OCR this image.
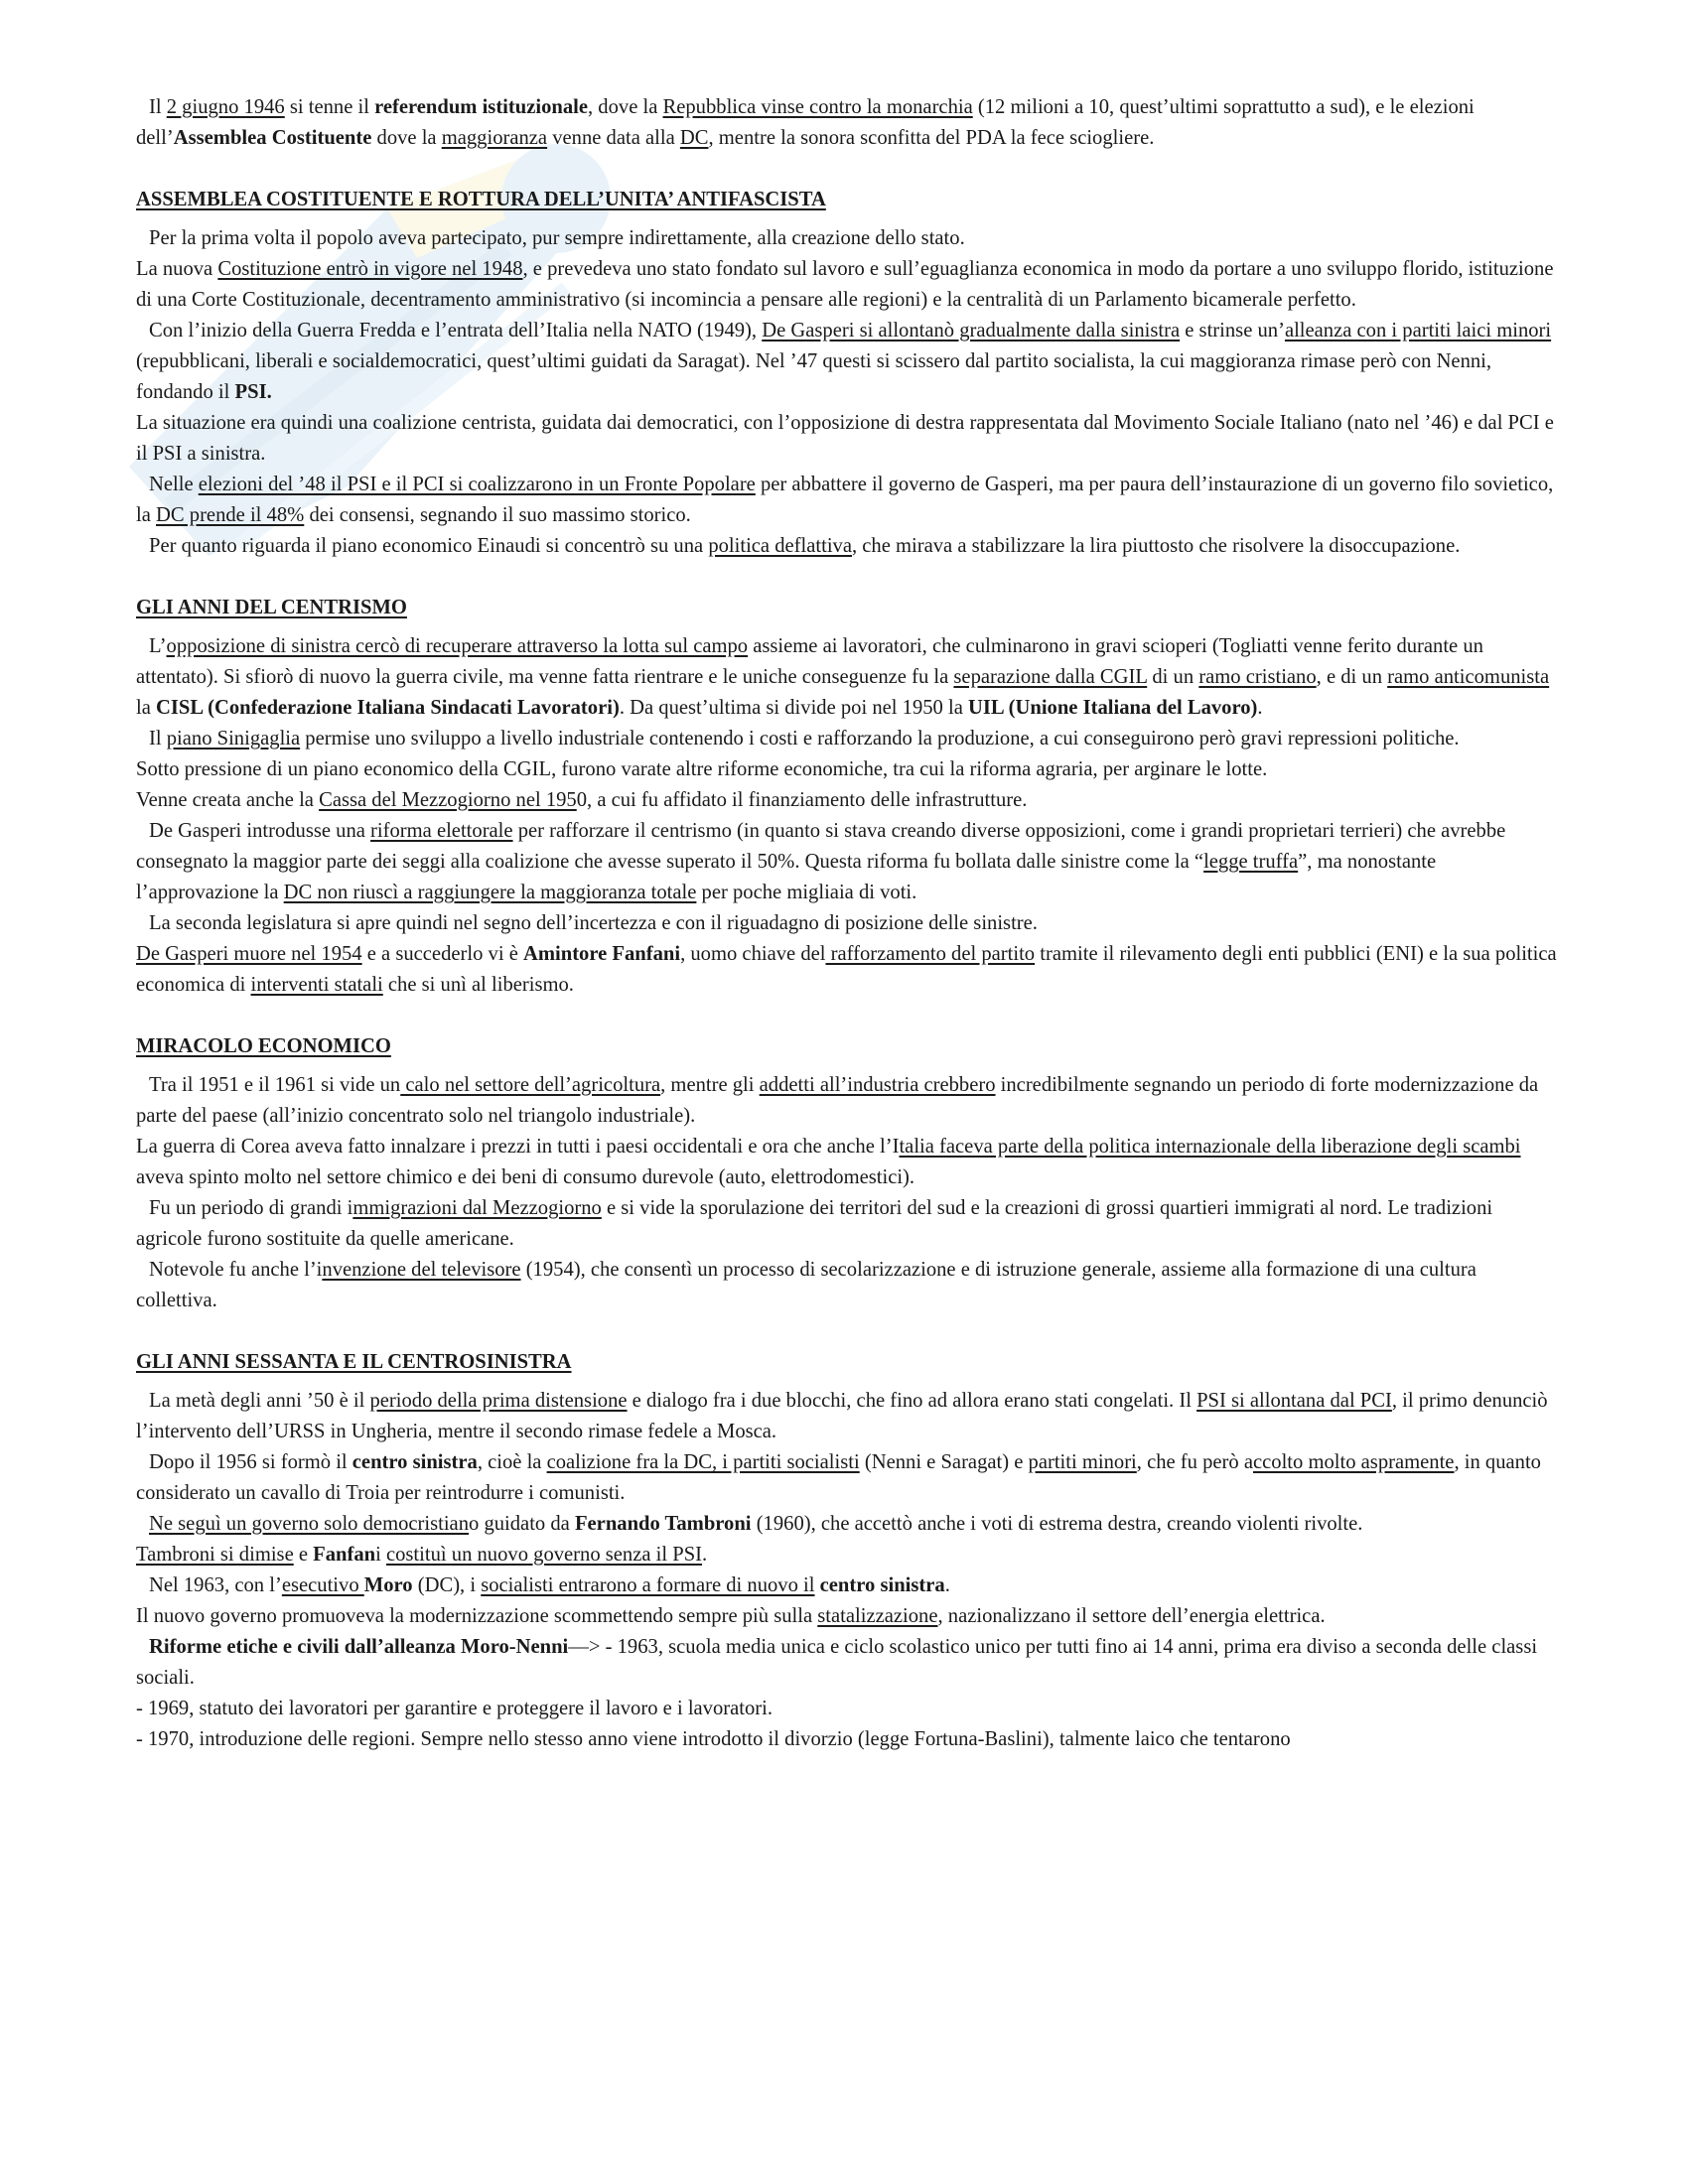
Il 2 giugno 1946 si tenne il referendum istituzionale, dove la Repubblica vinse contro la monarchia (12 milioni a 10, quest’ultimi soprattutto a sud), e le elezioni dell’Assemblea Costituente dove la maggioranza venne data alla DC, mentre la sonora sconfitta del PDA la fece sciogliere.

ASSEMBLEA COSTITUENTE E ROTTURA DELL’UNITA’ ANTIFASCISTA

Per la prima volta il popolo aveva partecipato, pur sempre indirettamente, alla creazione dello stato.

La nuova Costituzione entrò in vigore nel 1948, e prevedeva uno stato fondato sul lavoro e sull’eguaglianza economica in modo da portare a uno sviluppo florido, istituzione di una Corte Costituzionale, decentramento amministrativo (si incomincia a pensare alle regioni) e la centralità di un Parlamento bicamerale perfetto.

Con l’inizio della Guerra Fredda e l’entrata dell’Italia nella NATO (1949), De Gasperi si allontanò gradualmente dalla sinistra e strinse un’alleanza con i partiti laici minori (repubblicani, liberali e socialdemocratici, quest’ultimi guidati da Saragat). Nel ’47 questi si scissero dal partito socialista, la cui maggioranza rimase però con Nenni, fondando il PSI.

La situazione era quindi una coalizione centrista, guidata dai democratici, con l’opposizione di destra rappresentata dal Movimento Sociale Italiano (nato nel ’46) e dal PCI e il PSI a sinistra.

Nelle elezioni del ’48 il PSI e il PCI si coalizzarono in un Fronte Popolare per abbattere il governo de Gasperi, ma per paura dell’instaurazione di un governo filo sovietico, la DC prende il 48% dei consensi, segnando il suo massimo storico.

Per quanto riguarda il piano economico Einaudi si concentrò su una politica deflattiva, che mirava a stabilizzare la lira piuttosto che risolvere la disoccupazione.

GLI ANNI DEL CENTRISMO

L’opposizione di sinistra cercò di recuperare attraverso la lotta sul campo assieme ai lavoratori, che culminarono in gravi scioperi (Togliatti venne ferito durante un attentato). Si sfiorò di nuovo la guerra civile, ma venne fatta rientrare e le uniche conseguenze fu la separazione dalla CGIL di un ramo cristiano, e di un ramo anticomunista la CISL (Confederazione Italiana Sindacati Lavoratori). Da quest’ultima si divide poi nel 1950 la UIL (Unione Italiana del Lavoro).

Il piano Sinigaglia permise uno sviluppo a livello industriale contenendo i costi e rafforzando la produzione, a cui conseguirono però gravi repressioni politiche.

Sotto pressione di un piano economico della CGIL, furono varate altre riforme economiche, tra cui la riforma agraria, per arginare le lotte.

Venne creata anche la Cassa del Mezzogiorno nel 1950, a cui fu affidato il finanziamento delle infrastrutture.

De Gasperi introdusse una riforma elettorale per rafforzare il centrismo (in quanto si stava creando diverse opposizioni, come i grandi proprietari terrieri) che avrebbe consegnato la maggior parte dei seggi alla coalizione che avesse superato il 50%. Questa riforma fu bollata dalle sinistre come la “legge truffa”, ma nonostante l’approvazione la DC non riuscì a raggiungere la maggioranza totale per poche migliaia di voti.

La seconda legislatura si apre quindi nel segno dell’incertezza e con il riguadagno di posizione delle sinistre.

De Gasperi muore nel 1954 e a succederlo vi è Amintore Fanfani, uomo chiave del rafforzamento del partito tramite il rilevamento degli enti pubblici (ENI) e la sua politica economica di interventi statali che si unì al liberismo.

MIRACOLO ECONOMICO

Tra il 1951 e il 1961 si vide un calo nel settore dell’agricoltura, mentre gli addetti all’industria crebbero incredibilmente segnando un periodo di forte modernizzazione da parte del paese (all’inizio concentrato solo nel triangolo industriale).

La guerra di Corea aveva fatto innalzare i prezzi in tutti i paesi occidentali e ora che anche l’Italia faceva parte della politica internazionale della liberazione degli scambi aveva spinto molto nel settore chimico e dei beni di consumo durevole (auto, elettrodomestici).

Fu un periodo di grandi immigrazioni dal Mezzogiorno e si vide la sporulazione dei territori del sud e la creazioni di grossi quartieri immigrati al nord. Le tradizioni agricole furono sostituite da quelle americane.

Notevole fu anche l’invenzione del televisore (1954), che consentì un processo di secolarizzazione e di istruzione generale, assieme alla formazione di una cultura collettiva.

GLI ANNI SESSANTA E IL CENTROSINISTRA

La metà degli anni ’50 è il periodo della prima distensione e dialogo fra i due blocchi, che fino ad allora erano stati congelati. Il PSI si allontana dal PCI, il primo denunciò l’intervento dell’URSS in Ungheria, mentre il secondo rimase fedele a Mosca.

Dopo il 1956 si formò il centro sinistra, cioè la coalizione fra la DC, i partiti socialisti (Nenni e Saragat) e partiti minori, che fu però accolto molto aspramente, in quanto considerato un cavallo di Troia per reintrodurre i comunisti.

Ne seguì un governo solo democristiano guidato da Fernando Tambroni (1960), che accettò anche i voti di estrema destra, creando violenti rivolte.

Tambroni si dimise e Fanfani costituì un nuovo governo senza il PSI.

Nel 1963, con l’esecutivo Moro (DC), i socialisti entrarono a formare di nuovo il centro sinistra.

Il nuovo governo promuoveva la modernizzazione scommettendo sempre più sulla statalizzazione, nazionalizzano il settore dell’energia elettrica.

Riforme etiche e civili dall’alleanza Moro-Nenni—> - 1963, scuola media unica e ciclo scolastico unico per tutti fino ai 14 anni, prima era diviso a seconda delle classi sociali.

- 1969, statuto dei lavoratori per garantire e proteggere il lavoro e i lavoratori.

- 1970, introduzione delle regioni. Sempre nello stesso anno viene introdotto il divorzio (legge Fortuna-Baslini), talmente laico che tentarono
